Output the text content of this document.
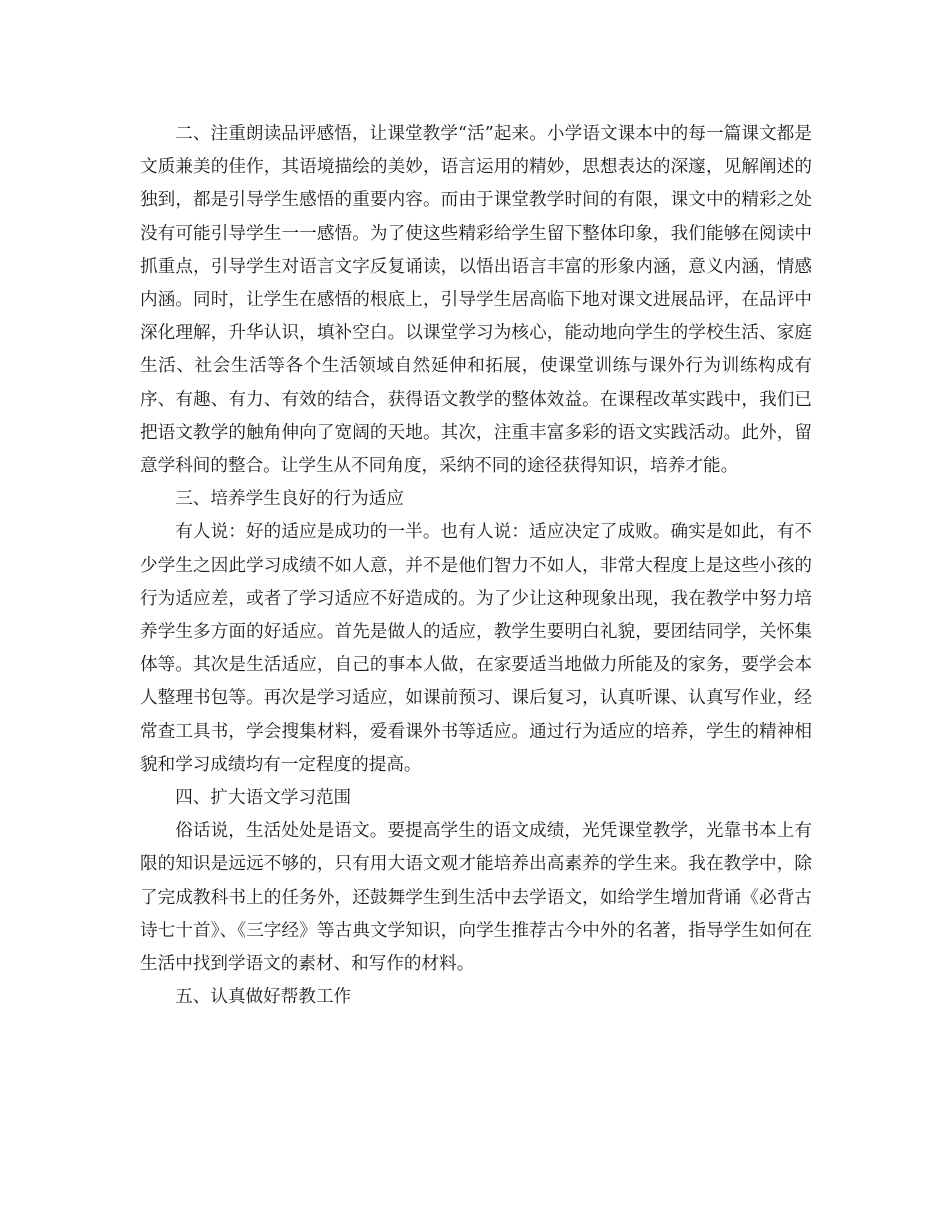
二、注重朗读品评感悟，让课堂教学“活”起来。小学语文课本中的每一篇课文都是文质兼美的佳作，其语境描绘的美妙，语言运用的精妙，思想表达的深邃，见解阐述的独到，都是引导学生感悟的重要内容。而由于课堂教学时间的有限，课文中的精彩之处没有可能引导学生一一感悟。为了使这些精彩给学生留下整体印象，我们能够在阅读中抓重点，引导学生对语言文字反复诵读，以悟出语言丰富的形象内涵，意义内涵，情感内涵。同时，让学生在感悟的根底上，引导学生居高临下地对课文进展品评，在品评中深化理解，升华认识，填补空白。以课堂学习为核心，能动地向学生的学校生活、家庭生活、社会生活等各个生活领域自然延伸和拓展，使课堂训练与课外行为训练构成有序、有趣、有力、有效的结合，获得语文教学的整体效益。在课程改革实践中，我们已把语文教学的触角伸向了宽阔的天地。其次，注重丰富多彩的语文实践活动。此外，留意学科间的整合。让学生从不同角度，采纳不同的途径获得知识，培养才能。

三、培养学生良好的行为适应

有人说：好的适应是成功的一半。也有人说：适应决定了成败。确实是如此，有不少学生之因此学习成绩不如人意，并不是他们智力不如人，非常大程度上是这些小孩的行为适应差，或者了学习适应不好造成的。为了少让这种现象出现，我在教学中努力培养学生多方面的好适应。首先是做人的适应，教学生要明白礼貌，要团结同学，关怀集体等。其次是生活适应，自己的事本人做，在家要适当地做力所能及的家务，要学会本人整理书包等。再次是学习适应，如课前预习、课后复习，认真听课、认真写作业，经常查工具书，学会搜集材料，爱看课外书等适应。通过行为适应的培养，学生的精神相貌和学习成绩均有一定程度的提高。

四、扩大语文学习范围

俗话说，生活处处是语文。要提高学生的语文成绩，光凭课堂教学，光靠书本上有限的知识是远远不够的，只有用大语文观才能培养出高素养的学生来。我在教学中，除了完成教科书上的任务外，还鼓舞学生到生活中去学语文，如给学生增加背诵《必背古诗七十首》、《三字经》等古典文学知识，向学生推荐古今中外的名著，指导学生如何在生活中找到学语文的素材、和写作的材料。

五、认真做好帮教工作
